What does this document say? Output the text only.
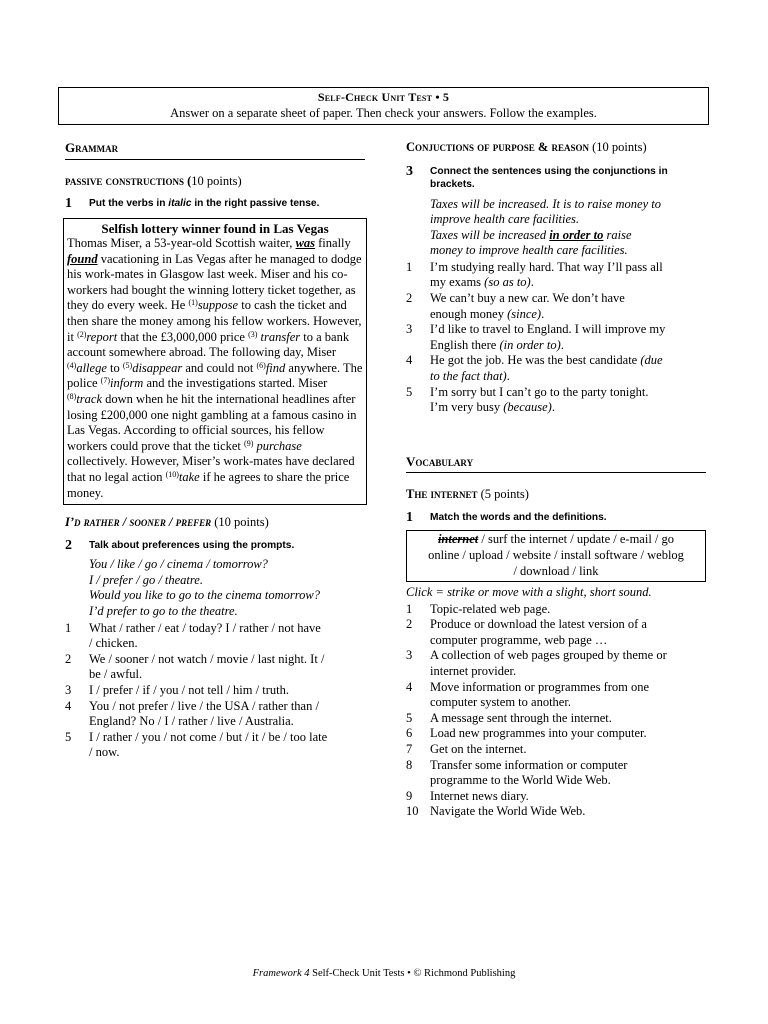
Self-Check Unit Test • 5
Answer on a separate sheet of paper. Then check your answers. Follow the examples.
Grammar
passive constructions (10 points)
1	Put the verbs in italic in the right passive tense.
Selfish lottery winner found in Las Vegas
Thomas Miser, a 53-year-old Scottish waiter, was finally found vacationing in Las Vegas after he managed to dodge his work-mates in Glasgow last week. Miser and his co-workers had bought the winning lottery ticket together, as they do every week. He $^{(1)}$suppose to cash the ticket and then share the money among his fellow workers. However, it $^{(2)}$report that the £3,000,000 price $^{(3)}$ transfer to a bank account somewhere abroad. The following day, Miser $^{(4)}$allege to $^{(5)}$disappear and could not $^{(6)}$find anywhere. The police $^{(7)}$inform and the investigations started. Miser $^{(8)}$track down when he hit the international headlines after losing £200,000 one night gambling at a famous casino in Las Vegas. According to official sources, his fellow workers could prove that the ticket $^{(9)}$ purchase collectively. However, Miser’s work-mates have declared that no legal action $^{(10)}$take if he agrees to share the price money.
I’d rather / sooner / prefer (10 points)
2	Talk about preferences using the prompts.
You / like / go / cinema / tomorrow?
I / prefer / go / theatre.
Would you like to go to the cinema tomorrow?
I’d prefer to go to the theatre.
1	What / rather / eat / today? I / rather / not have
/ chicken.
2	We / sooner / not watch / movie / last night. It /
be / awful.
3	I / prefer / if / you / not tell / him / truth.
4	You / not prefer / live / the USA / rather than /
England? No / I / rather / live / Australia.
5	I / rather / you / not come / but / it / be / too late
/ now.
Conjuctions of purpose & reason (10 points)
3	Connect the sentences using the conjunctions in brackets.
Taxes will be increased. It is to raise money to
improve health care facilities.
Taxes will be increased in order to raise
money to improve health care facilities.
1	I’m studying really hard. That way I’ll pass all
my exams (so as to).
2	We can’t buy a new car. We don’t have
enough money (since).
3	I’d like to travel to England. I will improve my
English there (in order to).
4	He got the job. He was the best candidate (due
to the fact that).
5	I’m sorry but I can’t go to the party tonight.
I’m very busy (because).
Vocabulary
The internet (5 points)
1	Match the words and the definitions.
internet / surf the internet / update / e-mail / go
online / upload / website / install software / weblog
/ download / link
Click = strike or move with a slight, short sound.
1	Topic-related web page.
2	Produce or download the latest version of a
computer programme, web page …
3	A collection of web pages grouped by theme or
internet provider.
4	Move information or programmes from one
computer system to another.
5	A message sent through the internet.
6	Load new programmes into your computer.
7	Get on the internet.
8	Transfer some information or computer
programme to the World Wide Web.
9	Internet news diary.
10 Navigate the World Wide Web.
Framework 4 Self-Check Unit Tests • © Richmond Publishing
